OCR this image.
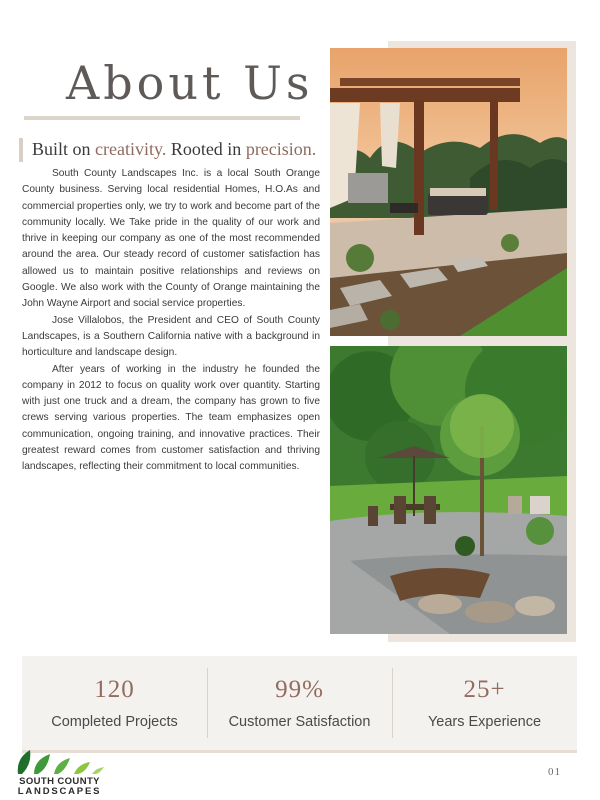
About Us
Built on creativity. Rooted in precision.

South County Landscapes Inc. is a local South Orange County business. Serving local residential Homes, H.O.As and commercial properties only, we try to work and become part of the community locally. We Take pride in the quality of our work and thrive in keeping our company as one of the most recommended around the area. Our steady record of customer satisfaction has allowed us to maintain positive relationships and reviews on Google. We also work with the County of Orange maintaining the John Wayne Airport and social service properties.

Jose Villalobos, the President and CEO of South County Landscapes, is a Southern California native with a background in horticulture and landscape design.

After years of working in the industry he founded the company in 2012 to focus on quality work over quantity. Starting with just one truck and a dream, the company has grown to five crews serving various properties. The team emphasizes open communication, ongoing training, and innovative practices. Their greatest reward comes from customer satisfaction and thriving landscapes, reflecting their commitment to local communities.

120
Completed Projects
99%
Customer Satisfaction
25+
Years Experience
SOUTH COUNTY
LANDSCAPES
01
